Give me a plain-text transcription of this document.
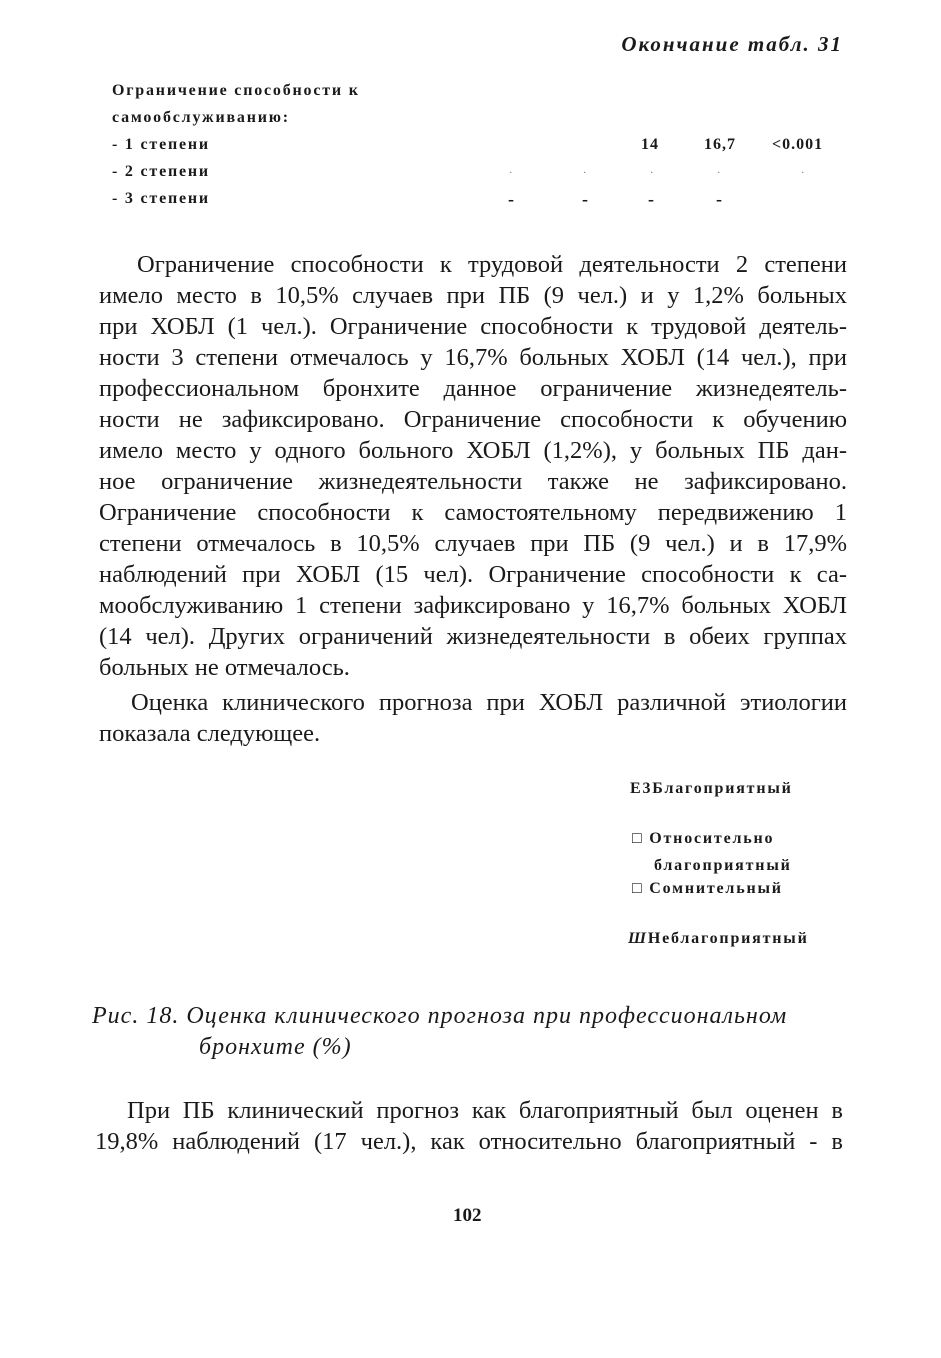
Окончание табл. 31
Ограничение способности к
самообслуживанию:
- 1 степени	14	16,7 <0.001
- 2 степени	·	·	·	·	·
- 3 степени	-	-	-	-
Ограничение способности к трудовой деятельности 2 степени
имело место в 10,5% случаев при ПБ (9 чел.) и у 1,2% больных
при ХОБЛ (1 чел.). Ограничение способности к трудовой деятель-
ности 3 степени отмечалось у 16,7% больных ХОБЛ (14 чел.), при
профессиональном бронхите данное ограничение жизнедеятель-
ности не зафиксировано. Ограничение способности к обучению
имело место у одного больного ХОБЛ (1,2%), у больных ПБ дан-
ное ограничение жизнедеятельности также не зафиксировано.
Ограничение способности к самостоятельному передвижению 1
степени отмечалось в 10,5% случаев при ПБ (9 чел.) и в 17,9%
наблюдений при ХОБЛ (15 чел). Ограничение способности к са-
мообслуживанию 1 степени зафиксировано у 16,7% больных ХОБЛ
(14 чел). Других ограничений жизнедеятельности в обеих группах
больных не отмечалось.
Оценка клинического прогноза при ХОБЛ различной этиологии
показала следующее.
Е3Благоприятный
□ Относительно
благоприятный
□ Сомнительный
ШНеблагоприятный
Рис. 18. Оценка клинического прогноза при профессиональном
бронхите (%)
При ПБ клинический прогноз как благоприятный был оценен в
19,8% наблюдений (17 чел.), как относительно благоприятный - в
102
